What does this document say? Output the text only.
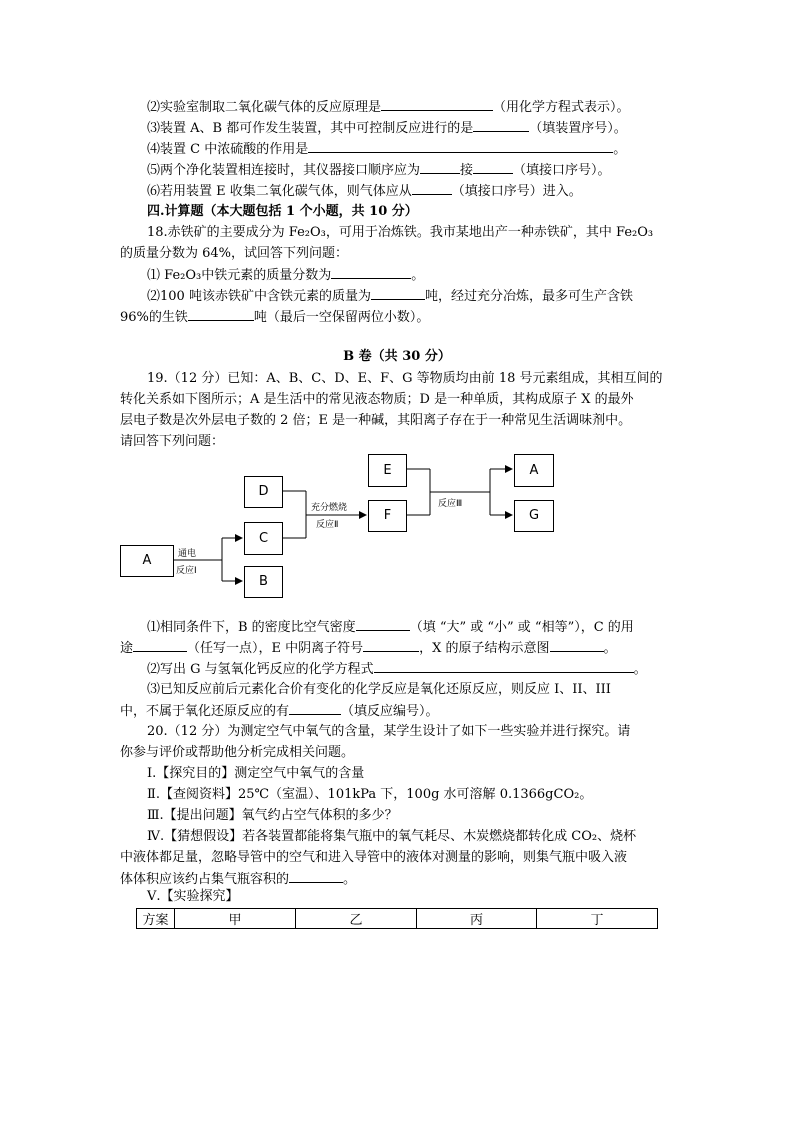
⑵实验室制取二氧化碳气体的反应原理是	（用化学方程式表示）。
⑶装置 A、B 都可作发生装置，其中可控制反应进行的是	（填装置序号）。
⑷装置 C 中浓硫酸的作用是	。
⑸两个净化装置相连接时，其仪器接口顺序应为	接	（填接口序号）。
⑹若用装置 E 收集二氧化碳气体，则气体应从	（填接口序号）进入。
四.计算题（本大题包括 1 个小题，共 10 分）
18.赤铁矿的主要成分为 Fe₂O₃，可用于冶炼铁。我市某地出产一种赤铁矿，其中 Fe₂O₃
的质量分数为 64%，试回答下列问题：
⑴ Fe₂O₃中铁元素的质量分数为	。
⑵100 吨该赤铁矿中含铁元素的质量为	吨，经过充分冶炼，最多可生产含铁
96%的生铁	吨（最后一空保留两位小数）。
B 卷（共 30 分）
19.（12 分）已知：A、B、C、D、E、F、G 等物质均由前 18 号元素组成，其相互间的
转化关系如下图所示；A 是生活中的常见液态物质；D 是一种单质，其构成原子 X 的最外
层电子数是次外层电子数的 2 倍；E 是一种碱，其阳离子存在于一种常见生活调味剂中。
请回答下列问题：
A
D
C
B
E
F
A
G
通电
反应Ⅰ
充分燃烧
反应Ⅱ
反应Ⅲ
⑴相同条件下，B 的密度比空气密度	（填 “大” 或 “小” 或 “相等”），C 的用
途	（任写一点），E 中阴离子符号	，X 的原子结构示意图	。
⑵写出 G 与氢氧化钙反应的化学方程式	。
⑶已知反应前后元素化合价有变化的化学反应是氧化还原反应，则反应 I、II、III
中，不属于氧化还原反应的有	（填反应编号）。
20.（12 分）为测定空气中氧气的含量，某学生设计了如下一些实验并进行探究。请
你参与评价或帮助他分析完成相关问题。
Ⅰ.【探究目的】测定空气中氧气的含量
Ⅱ.【查阅资料】25℃（室温）、101kPa 下，100g 水可溶解 0.1366gCO₂。
Ⅲ.【提出问题】氧气约占空气体积的多少？
Ⅳ.【猜想假设】若各装置都能将集气瓶中的氧气耗尽、木炭燃烧都转化成 CO₂、烧杯
中液体都足量，忽略导管中的空气和进入导管中的液体对测量的影响，则集气瓶中吸入液
体体积应该约占集气瓶容积的	。
Ⅴ.【实验探究】
方案	甲	乙	丙	丁
